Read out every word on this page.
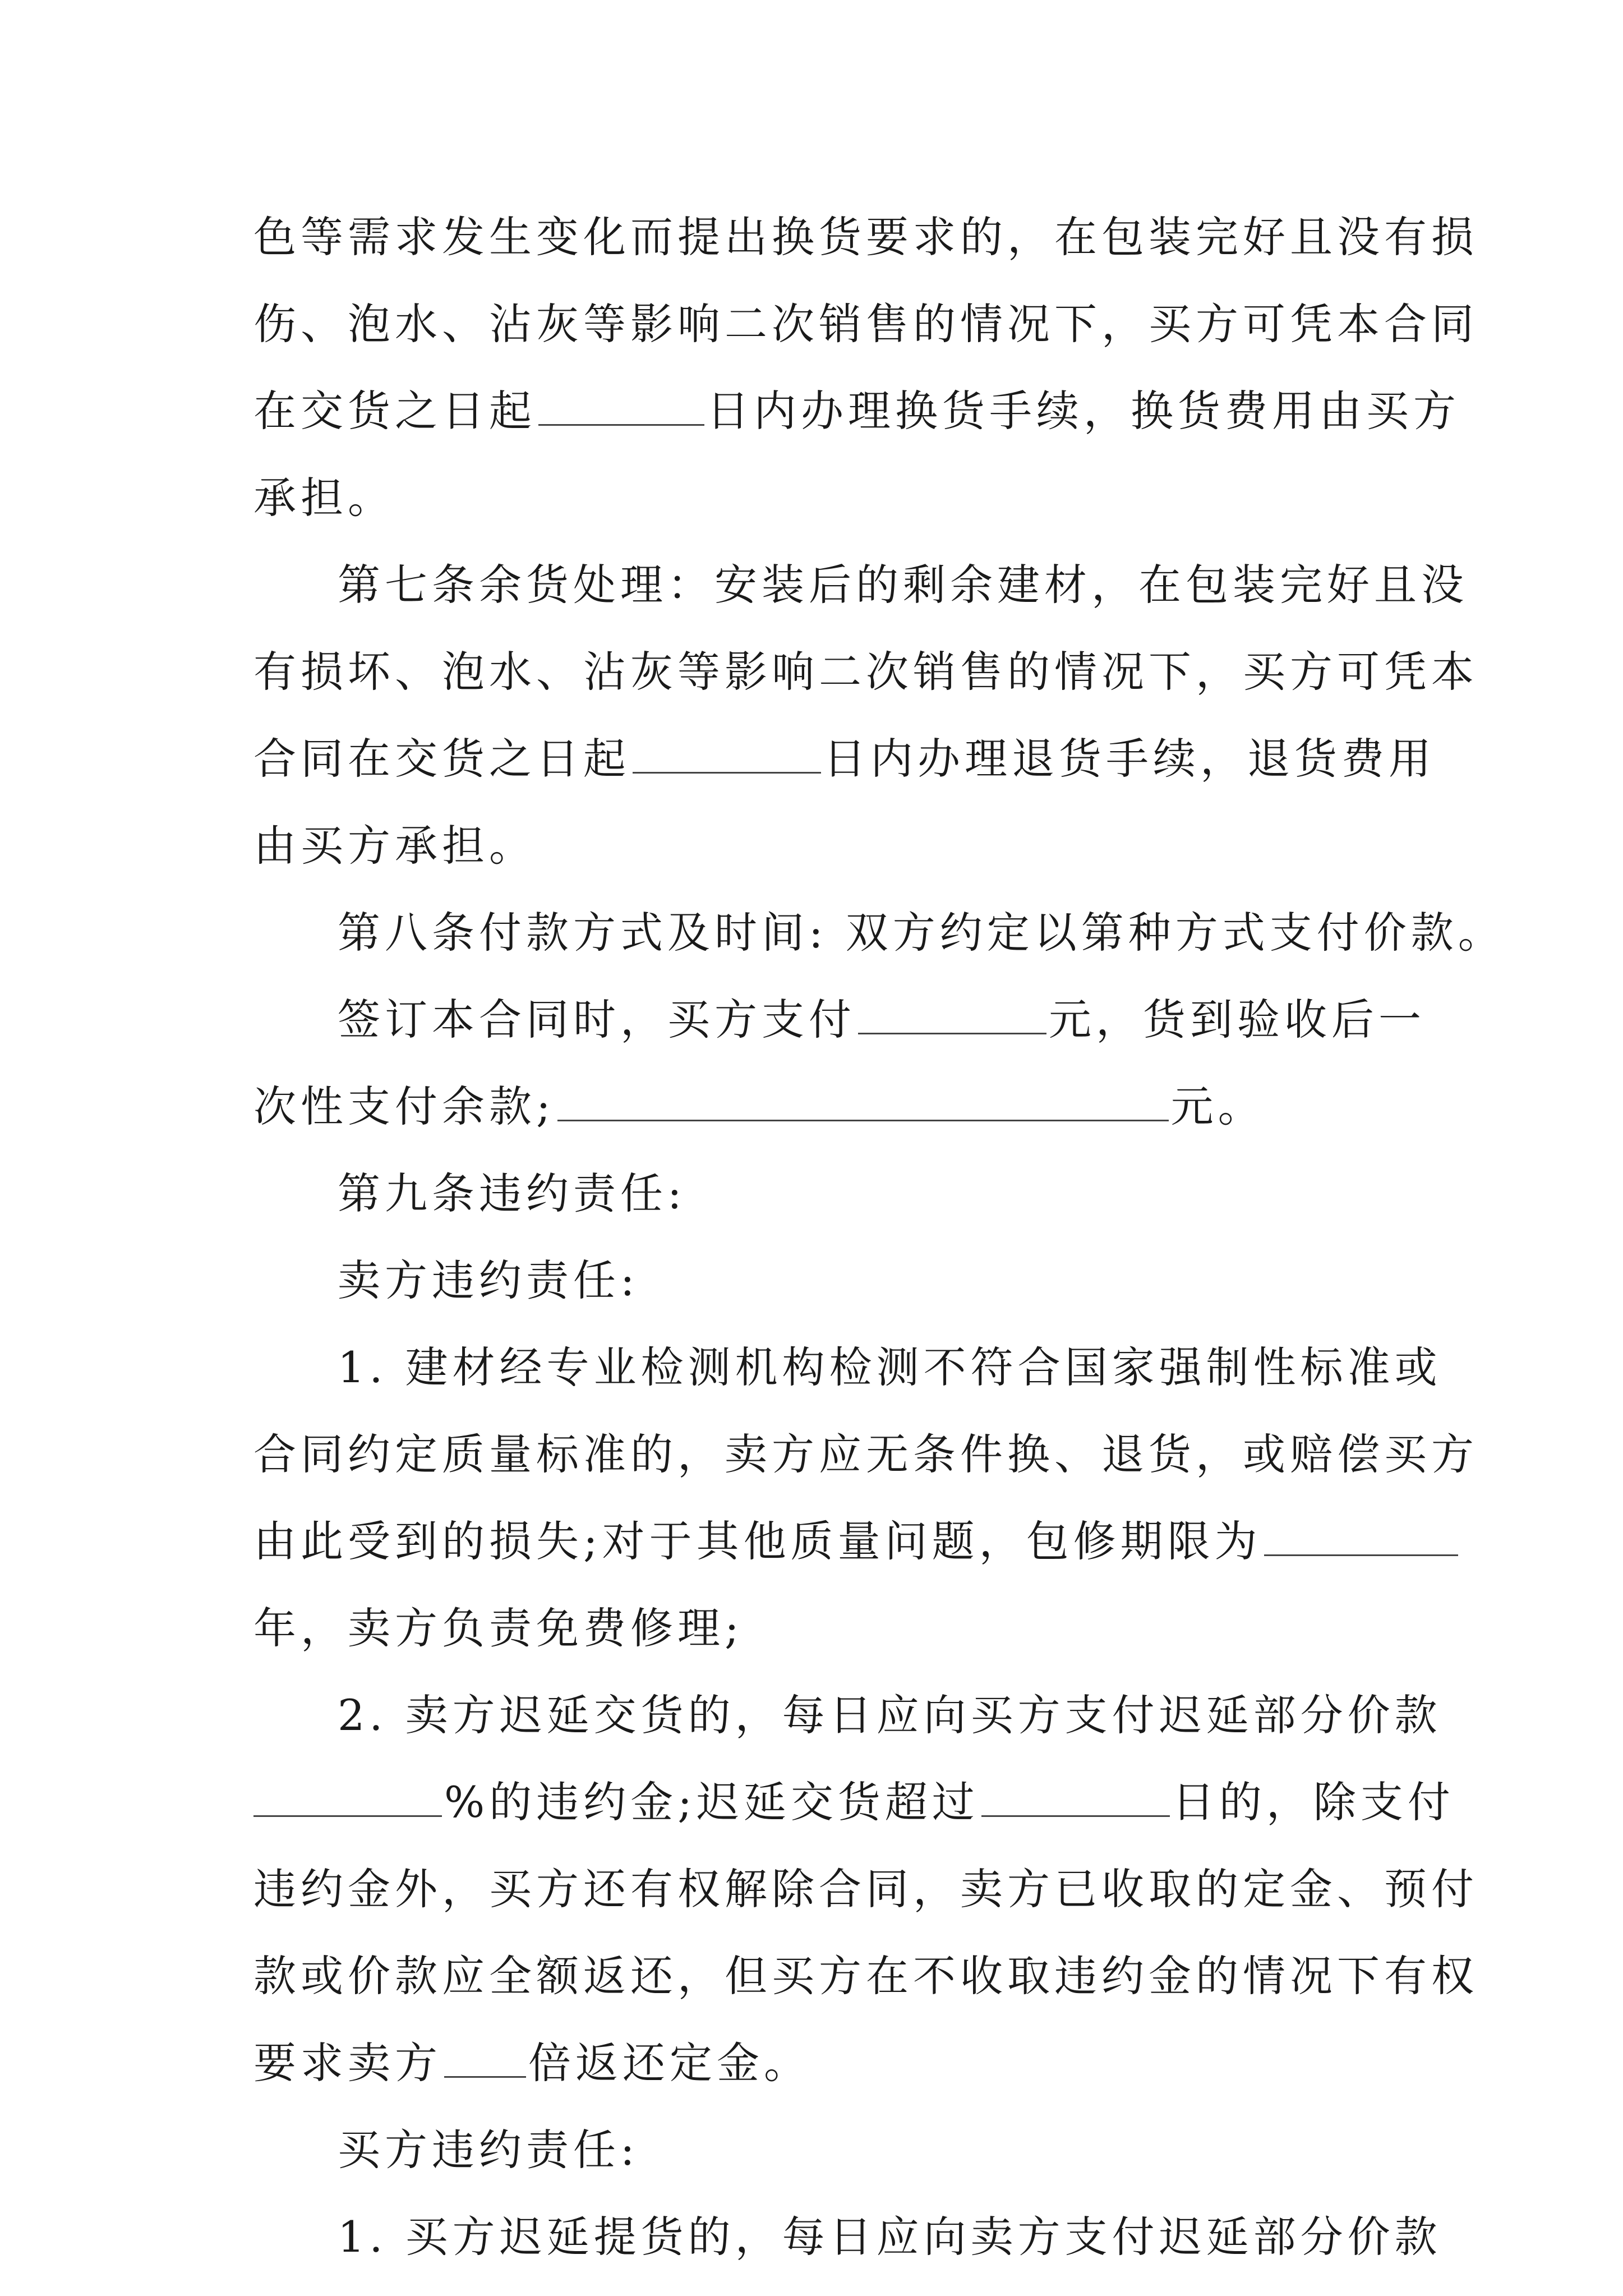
色等需求发生变化而提出换货要求的，在包装完好且没有损
伤、泡水、沾灰等影响二次销售的情况下，买方可凭本合同
在交货之日起	日内办理换货手续，换货费用由买方
承担。
第七条余货处理：安装后的剩余建材，在包装完好且没
有损坏、泡水、沾灰等影响二次销售的情况下，买方可凭本
合同在交货之日起	日内办理退货手续，退货费用
由买方承担。
第八条付款方式及时间: 双方约定以第种方式支付价款。
签订本合同时，买方支付	元，货到验收后一
次性支付余款;	元。
第九条违约责任:
卖方违约责任:
1. 建材经专业检测机构检测不符合国家强制性标准或
合同约定质量标准的，卖方应无条件换、退货，或赔偿买方
由此受到的损失;对于其他质量问题，包修期限为
年，卖方负责免费修理;
2. 卖方迟延交货的，每日应向买方支付迟延部分价款
%的违约金;迟延交货超过	日的，除支付
违约金外，买方还有权解除合同，卖方已收取的定金、预付
款或价款应全额返还，但买方在不收取违约金的情况下有权
要求卖方 倍返还定金。
买方违约责任:
1. 买方迟延提货的，每日应向卖方支付迟延部分价款
